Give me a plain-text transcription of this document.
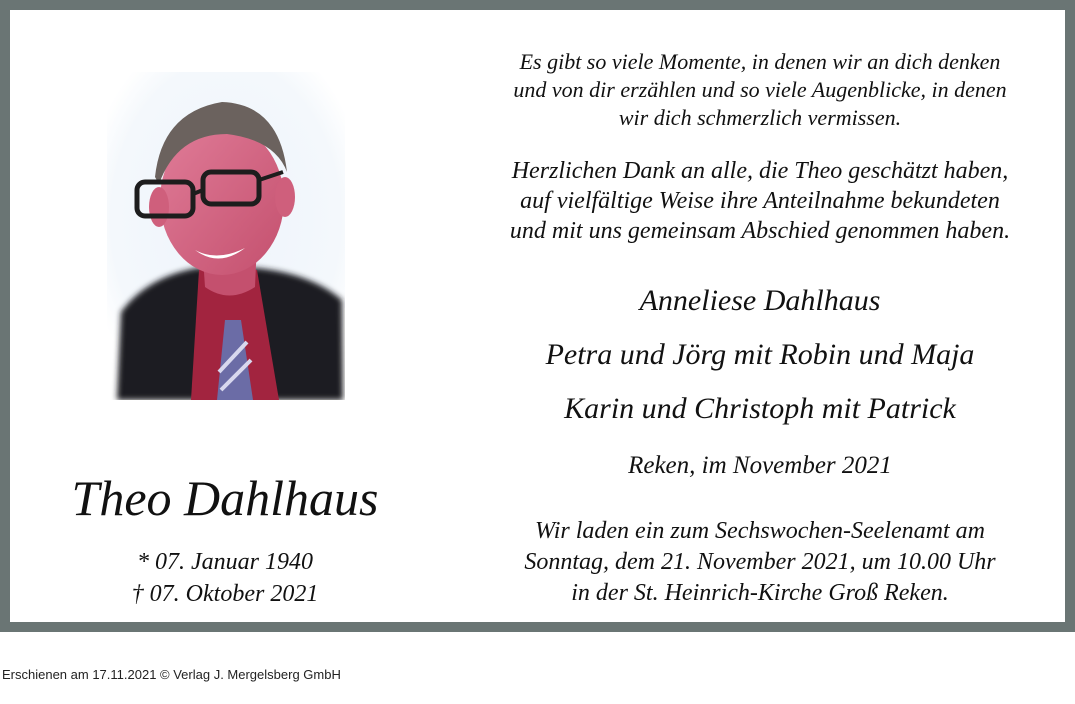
Theo Dahlhaus
* 07. Januar 1940
† 07. Oktober 2021
Es gibt so viele Momente, in denen wir an dich denken
und von dir erzählen und so viele Augenblicke, in denen
wir dich schmerzlich vermissen.
Herzlichen Dank an alle, die Theo geschätzt haben,
auf vielfältige Weise ihre Anteilnahme bekundeten
und mit uns gemeinsam Abschied genommen haben.
Anneliese Dahlhaus
Petra und Jörg mit Robin und Maja
Karin und Christoph mit Patrick
Reken, im November 2021
Wir laden ein zum Sechswochen-Seelenamt am
Sonntag, dem 21. November 2021, um 10.00 Uhr
in der St. Heinrich-Kirche Groß Reken.
Erschienen am 17.11.2021 © Verlag J. Mergelsberg GmbH
